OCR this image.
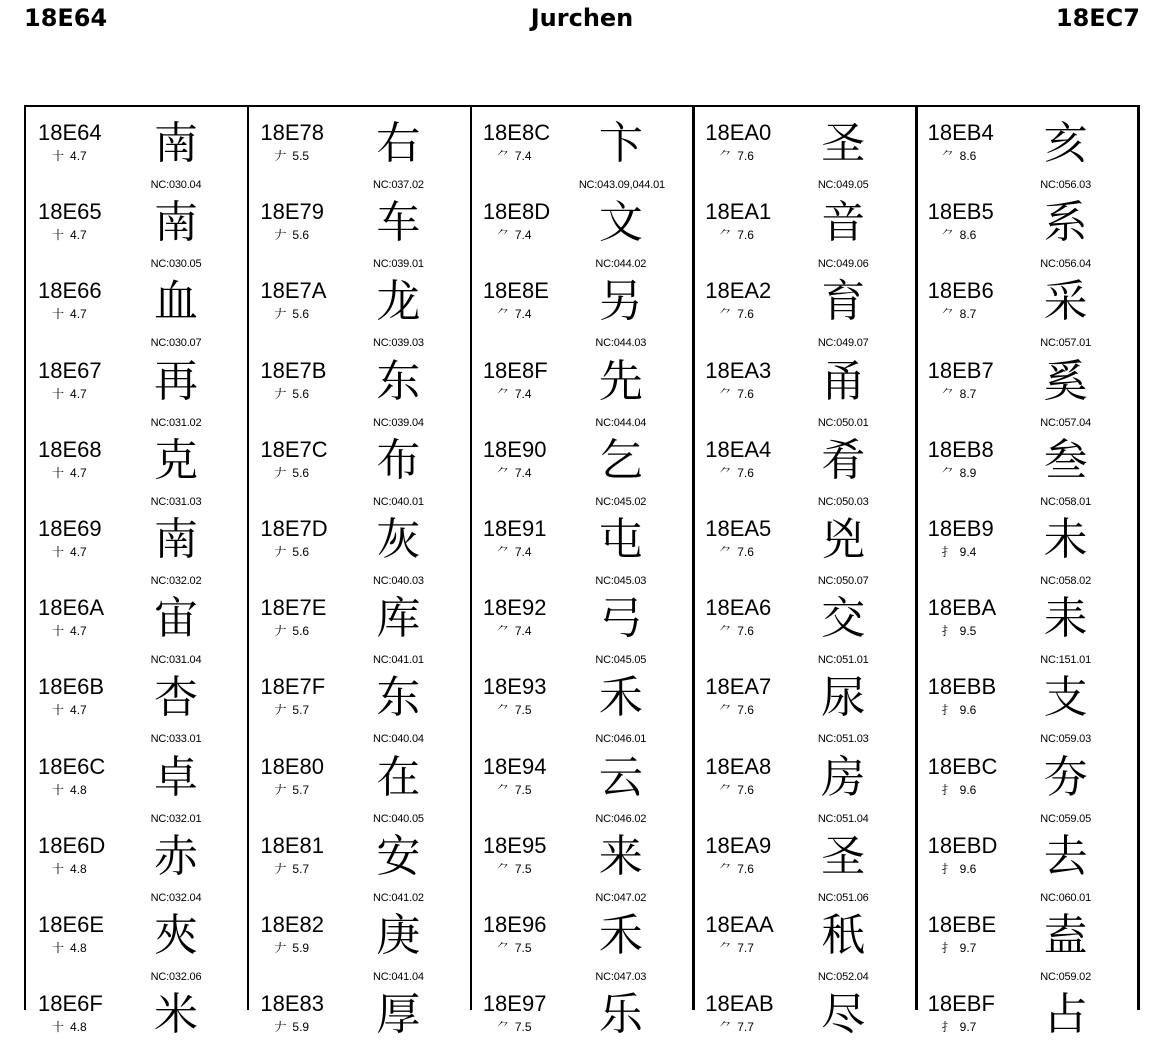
18E64	Jurchen	18EC7
18E64
十 4.7	南
NC:030.04
18E65
十 4.7	南
NC:030.05
18E66
十 4.7	血
NC:030.07
18E67
十 4.7	再
NC:031.02
18E68
十 4.7	克
NC:031.03
18E69
十 4.7	南
NC:032.02
18E6A
十 4.7	宙
NC:031.04
18E6B
十 4.7	杏
NC:033.01
18E6C
十 4.8	卓
NC:032.01
18E6D
十 4.8	赤
NC:032.04
18E6E
十 4.8	夾
NC:032.06
18E6F
十 4.8	米
18E78
𠂇 5.5	右
NC:037.02
18E79
𠂇 5.6	车
NC:039.01
18E7A
𠂇 5.6	龙
NC:039.03
18E7B
𠂇 5.6	东
NC:039.04
18E7C
𠂇 5.6	布
NC:040.01
18E7D
𠂇 5.6	灰
NC:040.03
18E7E
𠂇 5.6	库
NC:041.01
18E7F
𠂇 5.7	东
NC:040.04
18E80
𠂇 5.7	在
NC:040.05
18E81
𠂇 5.7	安
NC:041.02
18E82
𠂇 5.9	庚
NC:041.04
18E83
𠂇 5.9	厚
18E8C
⺈ 7.4	卞
NC:043.09,044.01
18E8D
⺈ 7.4	文
NC:044.02
18E8E
⺈ 7.4	另
NC:044.03
18E8F
⺈ 7.4	先
NC:044.04
18E90
⺈ 7.4	乞
NC:045.02
18E91
⺈ 7.4	屯
NC:045.03
18E92
⺈ 7.4	弓
NC:045.05
18E93
⺈ 7.5	禾
NC:046.01
18E94
⺈ 7.5	云
NC:046.02
18E95
⺈ 7.5	来
NC:047.02
18E96
⺈ 7.5	禾
NC:047.03
18E97
⺈ 7.5	乐
18EA0
⺈ 7.6	圣
NC:049.05
18EA1
⺈ 7.6	音
NC:049.06
18EA2
⺈ 7.6	育
NC:049.07
18EA3
⺈ 7.6	甬
NC:050.01
18EA4
⺈ 7.6	肴
NC:050.03
18EA5
⺈ 7.6	兇
NC:050.07
18EA6
⺈ 7.6	交
NC:051.01
18EA7
⺈ 7.6	尿
NC:051.03
18EA8
⺈ 7.6	房
NC:051.04
18EA9
⺈ 7.6	圣
NC:051.06
18EAA
⺈ 7.7	秖
NC:052.04
18EAB
⺈ 7.7	尽
18EB4
⺈ 8.6	亥
NC:056.03
18EB5
⺈ 8.6	系
NC:056.04
18EB6
⺈ 8.7	采
NC:057.01
18EB7
⺈ 8.7	奚
NC:057.04
18EB8
⺈ 8.9	叁
NC:058.01
18EB9
扌 9.4	未
NC:058.02
18EBA
扌 9.5	耒
NC:151.01
18EBB
扌 9.6	支
NC:059.03
18EBC
扌 9.6	夯
NC:059.05
18EBD
扌 9.6	去
NC:060.01
18EBE
扌 9.7	盍
NC:059.02
18EBF
扌 9.7	占
